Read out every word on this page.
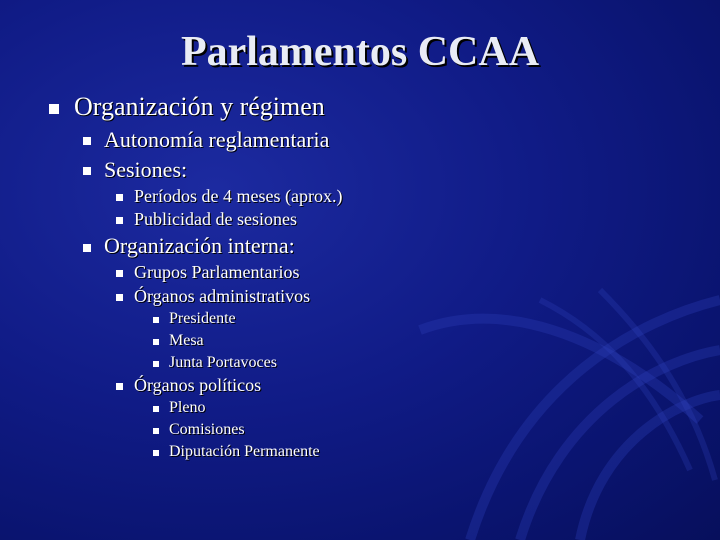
Parlamentos CCAA
Organización y régimen
Autonomía reglamentaria
Sesiones:
Períodos de 4 meses (aprox.)
Publicidad de sesiones
Organización interna:
Grupos Parlamentarios
Órganos administrativos
Presidente
Mesa
Junta Portavoces
Órganos políticos
Pleno
Comisiones
Diputación Permanente
